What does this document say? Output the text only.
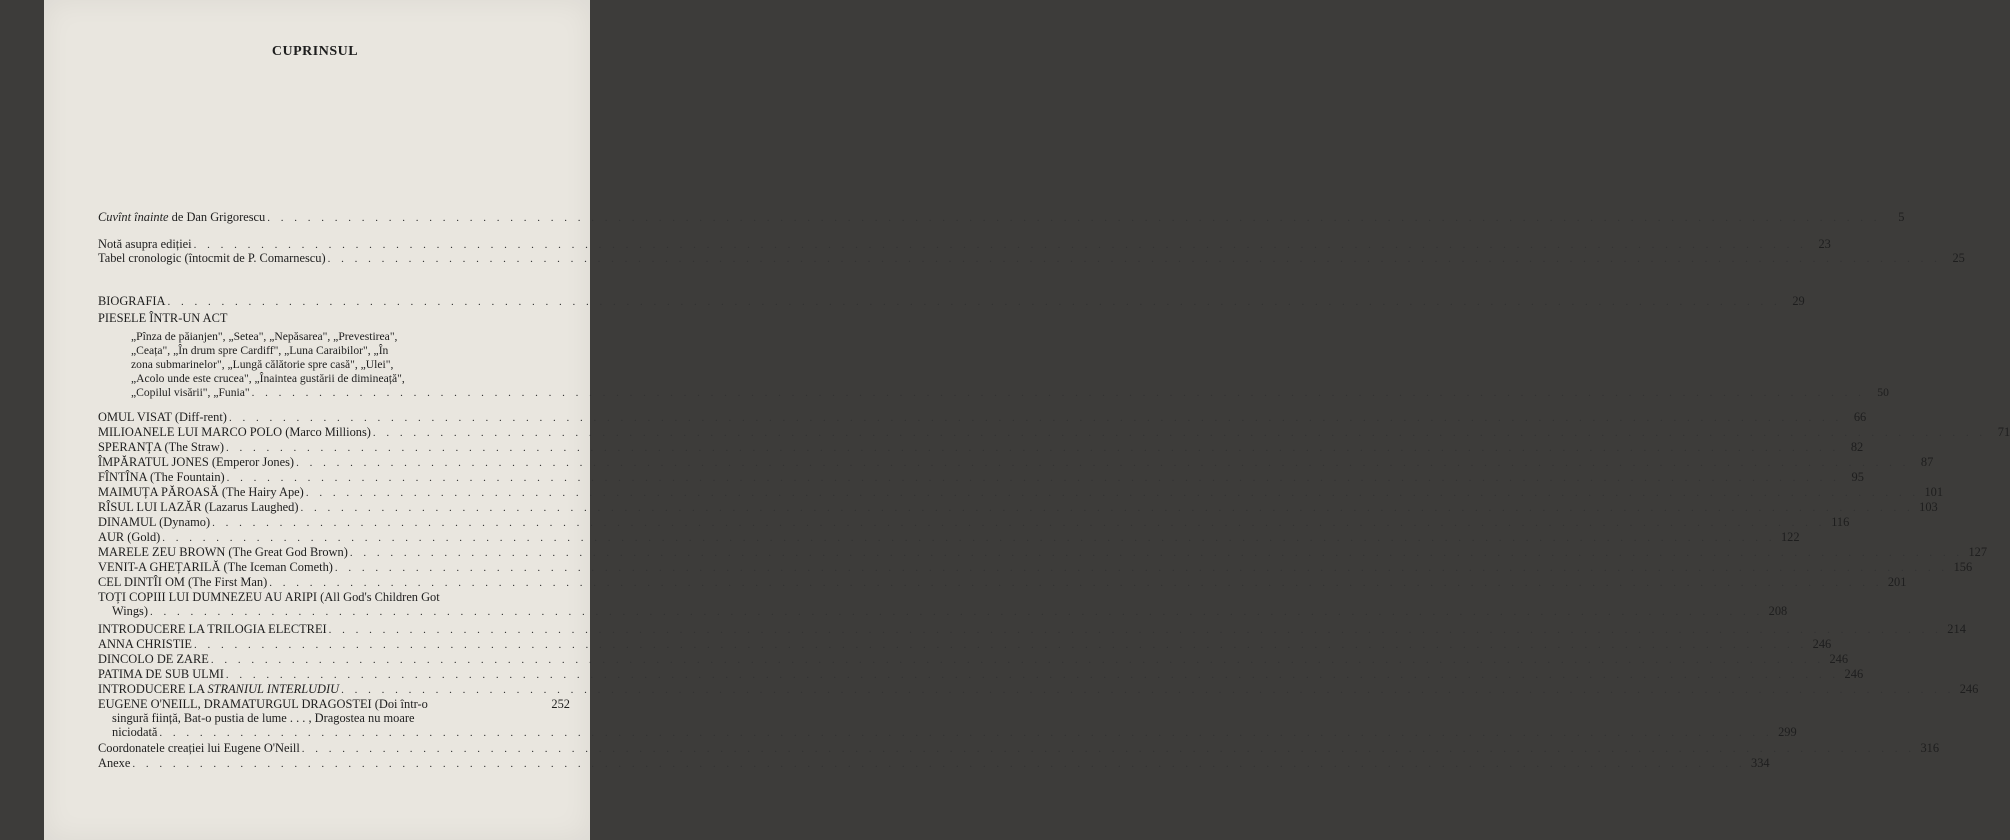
CUPRINSUL
Cuvînt înainte de Dan Grigorescu . . . . . . . . . . . . . . . . . . . . . . . . . . . . . . . . . . . . . . . . . . . . . . . . . . . . . . . . . . . . . . . . . . . . . . . . . . . . . . . . . . . . . . . . . . . . . . . . . . . . . . . . . . . . . . . . . . . . . . . .	5
Notă asupra ediției . . . . . . . . . . . . . . . . . . . . . . . . . . . . . . . . . . . . . . . . . . . . . . . . . . . . . . . . . . . . . . . . . . . . . . . . . . . . . . . . . . . . . . . . . . . . . . . . . . . . . . . . . . . . . . . . . . . . . . . . 23
Tabel cronologic (întocmit de P. Comarnescu) . . . . . . . . . . . . . . . . . . . . . . . . . . . . . . . . . . . . . . . . . . . . . . . . . . . . . . . . . . . . . . . . . . . . . . . . . . . . . . . . . . . . . . . . . . . . . . . . . . . . . . . . . . . . . . . . . . . . . . . . 25
BIOGRAFIA . . . . . . . . . . . . . . . . . . . . . . . . . . . . . . . . . . . . . . . . . . . . . . . . . . . . . . . . . . . . . . . . . . . . . . . . . . . . . . . . . . . . . . . . . . . . . . . . . . . . . . . . . . . . . . . . . . . . . . . . 29
PIESELE ÎNTR-UN ACT
„Pînza de păianjen", „Setea", „Nepăsarea", „Prevestirea",
„Ceața", „În drum spre Cardiff", „Luna Caraibilor", „În
zona submarinelor", „Lungă călătorie spre casă", „Ulei",
„Acolo unde este crucea", „Înaintea gustării de dimineață",
„Copilul visării", „Funia" . . . . . . . . . . . . . . . . . . . . . . . . . . . . . . . . . . . . . . . . . . . . . . . . . . . . . . . . . . . . . . . . . . . . . . . . . . . . . . . . . . . . . . . . . . . . . . . . . . . . . . . . . . . . . . . . . . . . . . . .	50
OMUL VISAT (Diff-rent) . . . . . . . . . . . . . . . . . . . . . . . . . . . . . . . . . . . . . . . . . . . . . . . . . . . . . . . . . . . . . . . . . . . . . . . . . . . . . . . . . . . . . . . . . . . . . . . . . . . . . . . . . . . . . . . . . . . . . . . . 66
MILIOANELE LUI MARCO POLO (Marco Millions) . . . . . . . . . . . . . . . . . . . . . . . . . . . . . . . . . . . . . . . . . . . . . . . . . . . . . . . . . . . . . . . . . . . . . . . . . . . . . . . . . . . . . . . . . . . . . . . . . . . . . . . . . . . . . . . . . . . . . . . . 71
SPERANȚA (The Straw) . . . . . . . . . . . . . . . . . . . . . . . . . . . . . . . . . . . . . . . . . . . . . . . . . . . . . . . . . . . . . . . . . . . . . . . . . . . . . . . . . . . . . . . . . . . . . . . . . . . . . . . . . . . . . . . . . . . . . . . . 82
ÎMPĂRATUL JONES (Emperor Jones) . . . . . . . . . . . . . . . . . . . . . . . . . . . . . . . . . . . . . . . . . . . . . . . . . . . . . . . . . . . . . . . . . . . . . . . . . . . . . . . . . . . . . . . . . . . . . . . . . . . . . . . . . . . . . . . . . . . . . . . . 87
FÎNTÎNA (The Fountain) . . . . . . . . . . . . . . . . . . . . . . . . . . . . . . . . . . . . . . . . . . . . . . . . . . . . . . . . . . . . . . . . . . . . . . . . . . . . . . . . . . . . . . . . . . . . . . . . . . . . . . . . . . . . . . . . . . . . . . . . 95
MAIMUȚA PĂROASĂ (The Hairy Ape) . . . . . . . . . . . . . . . . . . . . . . . . . . . . . . . . . . . . . . . . . . . . . . . . . . . . . . . . . . . . . . . . . . . . . . . . . . . . . . . . . . . . . . . . . . . . . . . . . . . . . . . . . . . . . . . . . . . . . . . . 101
RÎSUL LUI LAZĂR (Lazarus Laughed) . . . . . . . . . . . . . . . . . . . . . . . . . . . . . . . . . . . . . . . . . . . . . . . . . . . . . . . . . . . . . . . . . . . . . . . . . . . . . . . . . . . . . . . . . . . . . . . . . . . . . . . . . . . . . . . . . . . . . . . . 103
DINAMUL (Dynamo) . . . . . . . . . . . . . . . . . . . . . . . . . . . . . . . . . . . . . . . . . . . . . . . . . . . . . . . . . . . . . . . . . . . . . . . . . . . . . . . . . . . . . . . . . . . . . . . . . . . . . . . . . . . . . . . . . . . . . . . . 116
AUR (Gold) . . . . . . . . . . . . . . . . . . . . . . . . . . . . . . . . . . . . . . . . . . . . . . . . . . . . . . . . . . . . . . . . . . . . . . . . . . . . . . . . . . . . . . . . . . . . . . . . . . . . . . . . . . . . . . . . . . . . . . . . 122
MARELE ZEU BROWN (The Great God Brown) . . . . . . . . . . . . . . . . . . . . . . . . . . . . . . . . . . . . . . . . . . . . . . . . . . . . . . . . . . . . . . . . . . . . . . . . . . . . . . . . . . . . . . . . . . . . . . . . . . . . . . . . . . . . . . . . . . . . . . . . 127
VENIT-A GHEȚARILĂ (The Iceman Cometh) . . . . . . . . . . . . . . . . . . . . . . . . . . . . . . . . . . . . . . . . . . . . . . . . . . . . . . . . . . . . . . . . . . . . . . . . . . . . . . . . . . . . . . . . . . . . . . . . . . . . . . . . . . . . . . . . . . . . . . . . 156
CEL DINTÎI OM (The First Man) . . . . . . . . . . . . . . . . . . . . . . . . . . . . . . . . . . . . . . . . . . . . . . . . . . . . . . . . . . . . . . . . . . . . . . . . . . . . . . . . . . . . . . . . . . . . . . . . . . . . . . . . . . . . . . . . . . . . . . . . 201
TOȚI COPIII LUI DUMNEZEU AU ARIPI (All God's Children Got
Wings) . . . . . . . . . . . . . . . . . . . . . . . . . . . . . . . . . . . . . . . . . . . . . . . . . . . . . . . . . . . . . . . . . . . . . . . . . . . . . . . . . . . . . . . . . . . . . . . . . . . . . . . . . . . . . . . . . . . . . . . . 208
INTRODUCERE LA TRILOGIA ELECTREI . . . . . . . . . . . . . . . . . . . . . . . . . . . . . . . . . . . . . . . . . . . . . . . . . . . . . . . . . . . . . . . . . . . . . . . . . . . . . . . . . . . . . . . . . . . . . . . . . . . . . . . . . . . . . . . . . . . . . . . . 214
ANNA CHRISTIE . . . . . . . . . . . . . . . . . . . . . . . . . . . . . . . . . . . . . . . . . . . . . . . . . . . . . . . . . . . . . . . . . . . . . . . . . . . . . . . . . . . . . . . . . . . . . . . . . . . . . . . . . . . . . . . . . . . . . . . . 246
DINCOLO DE ZARE . . . . . . . . . . . . . . . . . . . . . . . . . . . . . . . . . . . . . . . . . . . . . . . . . . . . . . . . . . . . . . . . . . . . . . . . . . . . . . . . . . . . . . . . . . . . . . . . . . . . . . . . . . . . . . . . . . . . . . . . 246
PATIMA DE SUB ULMI . . . . . . . . . . . . . . . . . . . . . . . . . . . . . . . . . . . . . . . . . . . . . . . . . . . . . . . . . . . . . . . . . . . . . . . . . . . . . . . . . . . . . . . . . . . . . . . . . . . . . . . . . . . . . . . . . . . . . . . . 246
INTRODUCERE LA STRANIUL INTERLUDIU . . . . . . . . . . . . . . . . . . . . . . . . . . . . . . . . . . . . . . . . . . . . . . . . . . . . . . . . . . . . . . . . . . . . . . . . . . . . . . . . . . . . . . . . . . . . . . . . . . . . . . . . . . . . . . . . . . . . . . . . 246
EUGENE O'NEILL, DRAMATURGUL DRAGOSTEI (Doi într-o	252
singură ființă, Bat-o pustia de lume . . . , Dragostea nu moare
niciodată . . . . . . . . . . . . . . . . . . . . . . . . . . . . . . . . . . . . . . . . . . . . . . . . . . . . . . . . . . . . . . . . . . . . . . . . . . . . . . . . . . . . . . . . . . . . . . . . . . . . . . . . . . . . . . . . . . . . . . . . 299
Coordonatele creației lui Eugene O'Neill . . . . . . . . . . . . . . . . . . . . . . . . . . . . . . . . . . . . . . . . . . . . . . . . . . . . . . . . . . . . . . . . . . . . . . . . . . . . . . . . . . . . . . . . . . . . . . . . . . . . . . . . . . . . . . . . . . . . . . . . 316
Anexe . . . . . . . . . . . . . . . . . . . . . . . . . . . . . . . . . . . . . . . . . . . . . . . . . . . . . . . . . . . . . . . . . . . . . . . . . . . . . . . . . . . . . . . . . . . . . . . . . . . . . . . . . . . . . . . . . . . . . . . . 334
